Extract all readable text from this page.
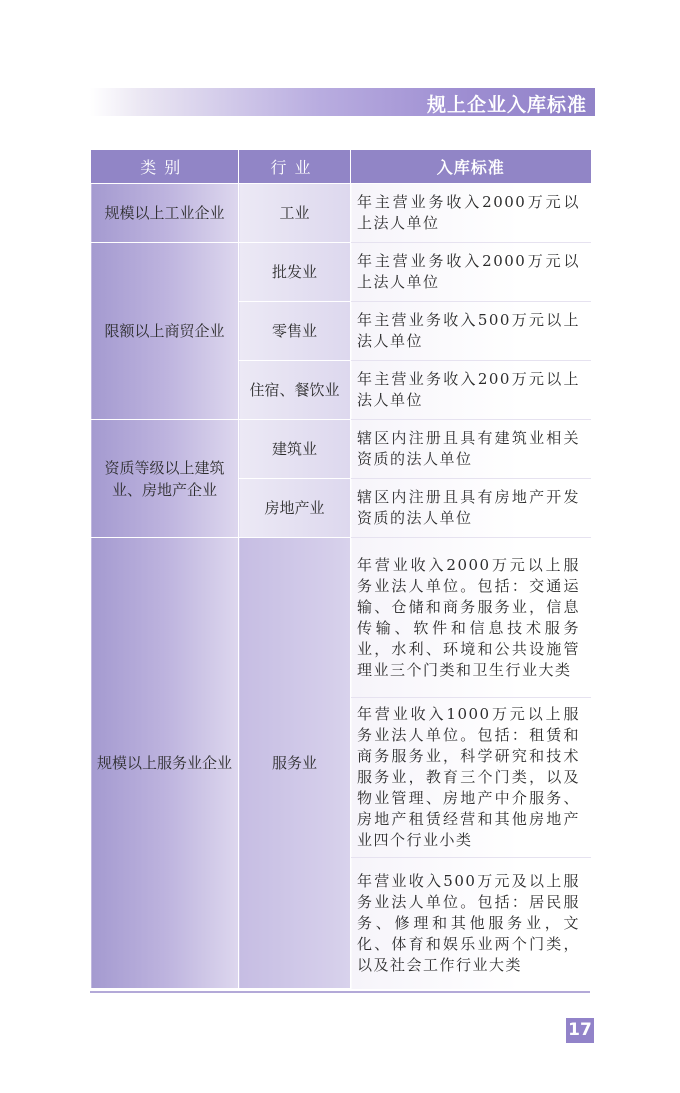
规上企业入库标准
类别	行业	入库标准
规模以上工业企业	工业	年主营业务收入2000万元以上法人单位
限额以上商贸企业	批发业	年主营业务收入2000万元以上法人单位
	零售业	年主营业务收入500万元以上法人单位
	住宿、餐饮业	年主营业务收入200万元以上法人单位
资质等级以上建筑业、房地产企业	建筑业	辖区内注册且具有建筑业相关资质的法人单位
	房地产业	辖区内注册且具有房地产开发资质的法人单位
规模以上服务业企业	服务业	年营业收入2000万元以上服务业法人单位。包括：交通运输、仓储和商务服务业，信息传输、软件和信息技术服务业，水利、环境和公共设施管理业三个门类和卫生行业大类
		年营业收入1000万元以上服务业法人单位。包括：租赁和商务服务业，科学研究和技术服务业，教育三个门类，以及物业管理、房地产中介服务、房地产租赁经营和其他房地产业四个行业小类
		年营业收入500万元及以上服务业法人单位。包括：居民服务、修理和其他服务业，文化、体育和娱乐业两个门类，以及社会工作行业大类
17
